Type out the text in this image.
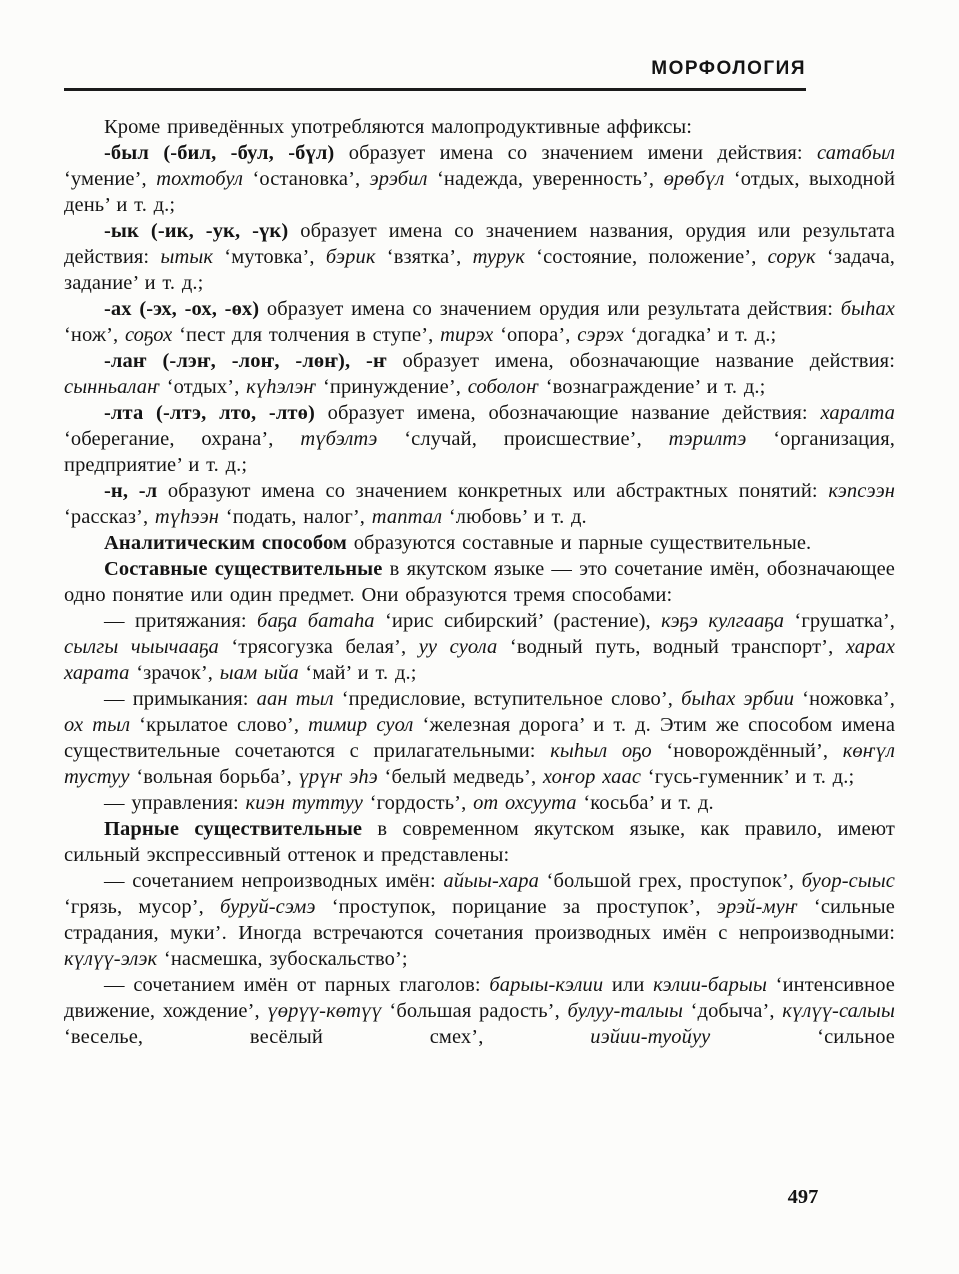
МОРФОЛОГИЯ

Кроме приведённых употребляются малопродуктивные аффиксы:

-был (-бил, -бул, -бүл) образует имена со значением имени действия: сатабыл ‘умение’, тохтобул ‘остановка’, эрэбил ‘надежда, уверенность’, өрөбүл ‘отдых, выходной день’ и т. д.;

-ык (-ик, -ук, -үк) образует имена со значением названия, орудия или результата действия: ытык ‘мутовка’, бэрик ‘взятка’, турук ‘состояние, положение’, сорук ‘задача, задание’ и т. д.;

-ах (-эх, -ох, -өх) образует имена со значением орудия или результата действия: быһах ‘нож’, соҕох ‘пест для толчения в ступе’, тирэх ‘опора’, сэрэх ‘догадка’ и т. д.;

-лаҥ (-лэҥ, -лоҥ, -лөҥ), -ҥ образует имена, обозначающие название действия: сынньалаҥ ‘отдых’, күһэлэҥ ‘принуждение’, соболоҥ ‘вознаграждение’ и т. д.;

-лта (-лтэ, лто, -лтө) образует имена, обозначающие название действия: харалта ‘оберегание, охрана’, түбэлтэ ‘случай, происшествие’, тэрилтэ ‘организация, предприятие’ и т. д.;

-н, -л образуют имена со значением конкретных или абстрактных понятий: кэпсээн ‘рассказ’, түһээн ‘подать, налог’, таптал ‘любовь’ и т. д.

Аналитическим способом образуются составные и парные существительные.

Составные существительные в якутском языке — это сочетание имён, обозначающее одно понятие или один предмет. Они образуются тремя способами:

— притяжания: баҕа батаһа ‘ирис сибирский’ (растение), кэҕэ кулгааҕа ‘грушатка’, сылгы чыычааҕа ‘трясогузка белая’, уу суола ‘водный путь, водный транспорт’, харах харата ‘зрачок’, ыам ыйа ‘май’ и т. д.;

— примыкания: аан тыл ‘предисловие, вступительное слово’, быһах эрбии ‘ножовка’, ох тыл ‘крылатое слово’, тимир суол ‘железная дорога’ и т. д. Этим же способом имена существительные сочетаются с прилагательными: кыһыл оҕо ‘новорождённый’, көҥүл тустуу ‘вольная борьба’, үрүҥ эһэ ‘белый медведь’, хоҥор хаас ‘гусь-гуменник’ и т. д.;

— управления: киэн туттуу ‘гордость’, от охсуута ‘косьба’ и т. д.

Парные существительные в современном якутском языке, как правило, имеют сильный экспрессивный оттенок и представлены:

— сочетанием непроизводных имён: айыы-хара ‘большой грех, проступок’, буор-сыыс ‘грязь, мусор’, буруй-сэмэ ‘проступок, порицание за проступок’, эрэй-муҥ ‘сильные страдания, муки’. Иногда встречаются сочетания производных имён с непроизводными: күлүү-элэк ‘насмешка, зубоскальство’;

— сочетанием имён от парных глаголов: барыы-кэлии или кэлии-барыы ‘интенсивное движение, хождение’, үөрүү-көтүү ‘большая радость’, булуу-талыы ‘добыча’, күлүү-салыы ‘веселье, весёлый смех’, иэйии-туойуу ‘сильное

497
